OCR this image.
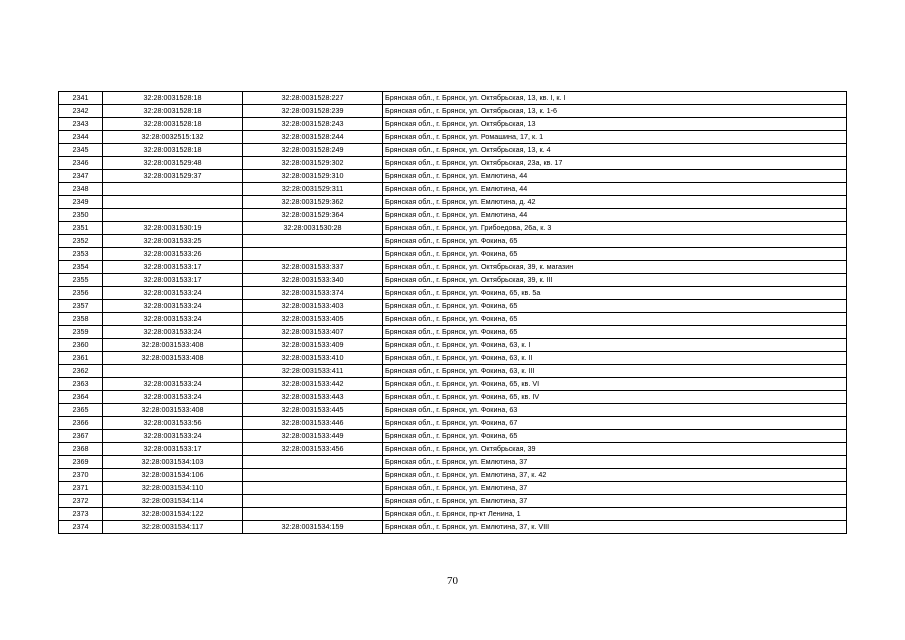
2341	32:28:0031528:18	32:28:0031528:227	Брянская обл., г. Брянск, ул. Октябрьская, 13, кв. I, к. I
2342	32:28:0031528:18	32:28:0031528:239	Брянская обл., г. Брянск, ул. Октябрьская, 13, к. 1-6
2343	32:28:0031528:18	32:28:0031528:243	Брянская обл., г. Брянск, ул. Октябрьская, 13
2344	32:28:0032515:132	32:28:0031528:244	Брянская обл., г. Брянск, ул. Ромашина, 17, к. 1
2345	32:28:0031528:18	32:28:0031528:249	Брянская обл., г. Брянск, ул. Октябрьская, 13, к. 4
2346	32:28:0031529:48	32:28:0031529:302	Брянская обл., г. Брянск, ул. Октябрьская, 23а, кв. 17
2347	32:28:0031529:37	32:28:0031529:310	Брянская обл., г. Брянск, ул. Емлютина, 44
2348		32:28:0031529:311	Брянская обл., г. Брянск, ул. Емлютина, 44
2349		32:28:0031529:362	Брянская обл., г. Брянск, ул. Емлютина, д. 42
2350		32:28:0031529:364	Брянская обл., г. Брянск, ул. Емлютина, 44
2351	32:28:0031530:19	32:28:0031530:28	Брянская обл., г. Брянск, ул. Грибоедова, 26а, к. 3
2352	32:28:0031533:25		Брянская обл., г. Брянск, ул. Фокина, 65
2353	32:28:0031533:26		Брянская обл., г. Брянск, ул. Фокина, 65
2354	32:28:0031533:17	32:28:0031533:337	Брянская обл., г. Брянск, ул. Октябрьская, 39, к. магазин
2355	32:28:0031533:17	32:28:0031533:340	Брянская обл., г. Брянск, ул. Октябрьская, 39, к. III
2356	32:28:0031533:24	32:28:0031533:374	Брянская обл., г. Брянск, ул. Фокина, 65, кв. 5а
2357	32:28:0031533:24	32:28:0031533:403	Брянская обл., г. Брянск, ул. Фокина, 65
2358	32:28:0031533:24	32:28:0031533:405	Брянская обл., г. Брянск, ул. Фокина, 65
2359	32:28:0031533:24	32:28:0031533:407	Брянская обл., г. Брянск, ул. Фокина, 65
2360	32:28:0031533:408	32:28:0031533:409	Брянская обл., г. Брянск, ул. Фокина, 63, к. I
2361	32:28:0031533:408	32:28:0031533:410	Брянская обл., г. Брянск, ул. Фокина, 63, к. II
2362		32:28:0031533:411	Брянская обл., г. Брянск, ул. Фокина, 63, к. III
2363	32:28:0031533:24	32:28:0031533:442	Брянская обл., г. Брянск, ул. Фокина, 65, кв. VI
2364	32:28:0031533:24	32:28:0031533:443	Брянская обл., г. Брянск, ул. Фокина, 65, кв. IV
2365	32:28:0031533:408	32:28:0031533:445	Брянская обл., г. Брянск, ул. Фокина, 63
2366	32:28:0031533:56	32:28:0031533:446	Брянская обл., г. Брянск, ул. Фокина, 67
2367	32:28:0031533:24	32:28:0031533:449	Брянская обл., г. Брянск, ул. Фокина, 65
2368	32:28:0031533:17	32:28:0031533:456	Брянская обл., г. Брянск, ул. Октябрьская, 39
2369	32:28:0031534:103		Брянская обл., г. Брянск, ул. Емлютина, 37
2370	32:28:0031534:106		Брянская обл., г. Брянск, ул. Емлютина, 37, к. 42
2371	32:28:0031534:110		Брянская обл., г. Брянск, ул. Емлютина, 37
2372	32:28:0031534:114		Брянская обл., г. Брянск, ул. Емлютина, 37
2373	32:28:0031534:122		Брянская обл., г. Брянск, пр-кт Ленина, 1
2374	32:28:0031534:117	32:28:0031534:159	Брянская обл., г. Брянск, ул. Емлютина, 37, к. VIII
70
